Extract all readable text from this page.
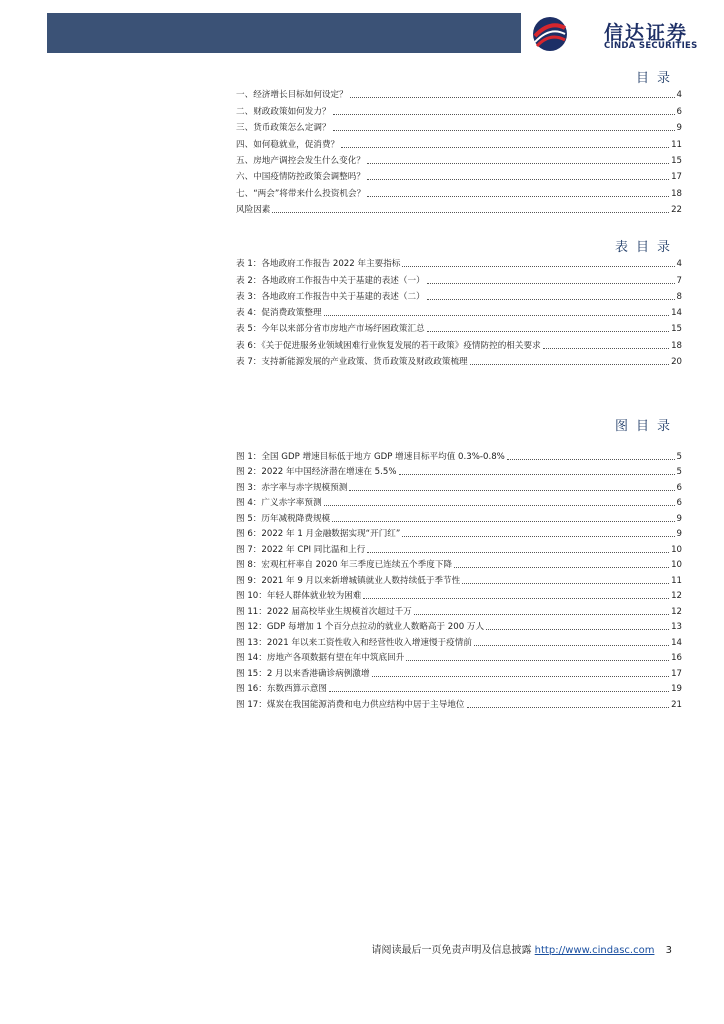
信达证券
CINDA SECURITIES
目录
一、经济增长目标如何设定？	4
二、财政政策如何发力？	6
三、货币政策怎么定调？	9
四、如何稳就业，促消费？	11
五、房地产调控会发生什么变化？	15
六、中国疫情防控政策会调整吗？	17
七、“两会”将带来什么投资机会？	18
风险因素	22
表目录
表 1：各地政府工作报告 2022 年主要指标	4
表 2：各地政府工作报告中关于基建的表述（一）	7
表 3：各地政府工作报告中关于基建的表述（二）	8
表 4：促消费政策整理	14
表 5：今年以来部分省市房地产市场纾困政策汇总	15
表 6：《关于促进服务业领域困难行业恢复发展的若干政策》疫情防控的相关要求	18
表 7：支持新能源发展的产业政策、货币政策及财政政策梳理	20
图目录
图 1：全国 GDP 增速目标低于地方 GDP 增速目标平均值 0.3%-0.8%	5
图 2：2022 年中国经济潜在增速在 5.5%	5
图 3：赤字率与赤字规模预测	6
图 4：广义赤字率预测	6
图 5：历年减税降费规模	9
图 6：2022 年 1 月金融数据实现“开门红”	9
图 7：2022 年 CPI 同比温和上行	10
图 8：宏观杠杆率自 2020 年三季度已连续五个季度下降	10
图 9：2021 年 9 月以来新增城镇就业人数持续低于季节性	11
图 10：年轻人群体就业较为困难	12
图 11：2022 届高校毕业生规模首次超过千万	12
图 12：GDP 每增加 1 个百分点拉动的就业人数略高于 200 万人	13
图 13：2021 年以来工资性收入和经营性收入增速慢于疫情前	14
图 14：房地产各项数据有望在年中筑底回升	16
图 15：2 月以来香港确诊病例激增	17
图 16：东数西算示意图	19
图 17：煤炭在我国能源消费和电力供应结构中居于主导地位	21
请阅读最后一页免责声明及信息披露 http://www.cindasc.com 3
